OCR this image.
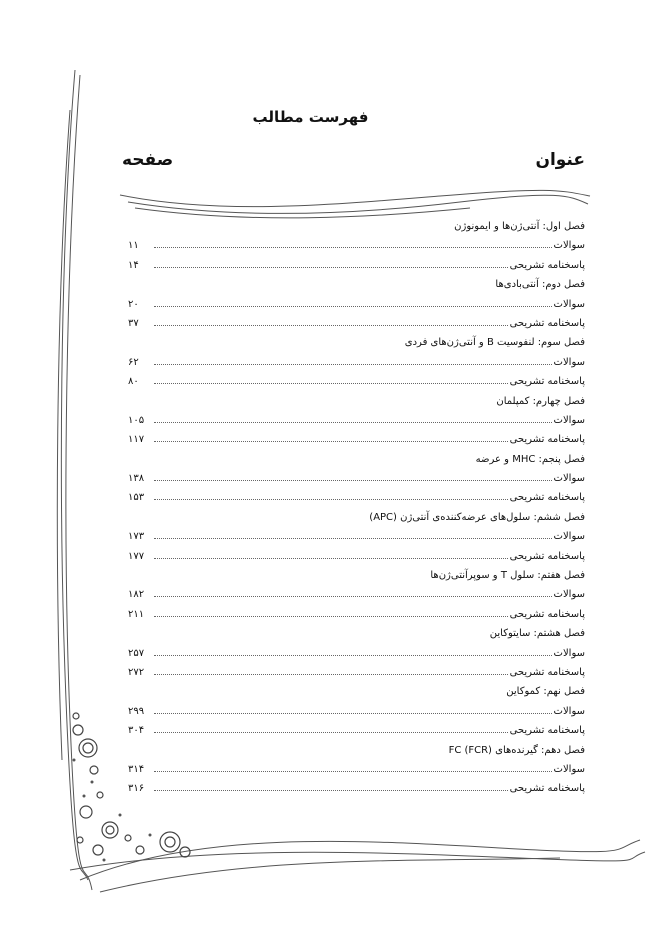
فهرست مطالب
عنوان
صفحه
فصل اول: آنتی‌ژن‌ها و ایمونوژن
سوالات
۱۱
پاسخنامه تشریحی
۱۴
فصل دوم: آنتی‌بادی‌ها
سوالات
۲۰
پاسخنامه تشریحی
۳۷
فصل سوم: لنفوسیت B و آنتی‌ژن‌های فردی
سوالات
۶۲
پاسخنامه تشریحی
۸۰
فصل چهارم: کمپلمان
سوالات
۱۰۵
پاسخنامه تشریحی
۱۱۷
فصل پنجم: MHC و عرضه
سوالات
۱۳۸
پاسخنامه تشریحی
۱۵۳
فصل ششم: سلول‌های عرضه‌کننده‌ی آنتی‌ژن (APC)
سوالات
۱۷۳
پاسخنامه تشریحی
۱۷۷
فصل هفتم: سلول T و سوپرآنتی‌ژن‌ها
سوالات
۱۸۲
پاسخنامه تشریحی
۲۱۱
فصل هشتم: سایتوکاین
سوالات
۲۵۷
پاسخنامه تشریحی
۲۷۲
فصل نهم: کموکاین
سوالات
۲۹۹
پاسخنامه تشریحی
۳۰۴
فصل دهم: گیرنده‌های FC (FCR)
سوالات
۳۱۴
پاسخنامه تشریحی
۳۱۶
